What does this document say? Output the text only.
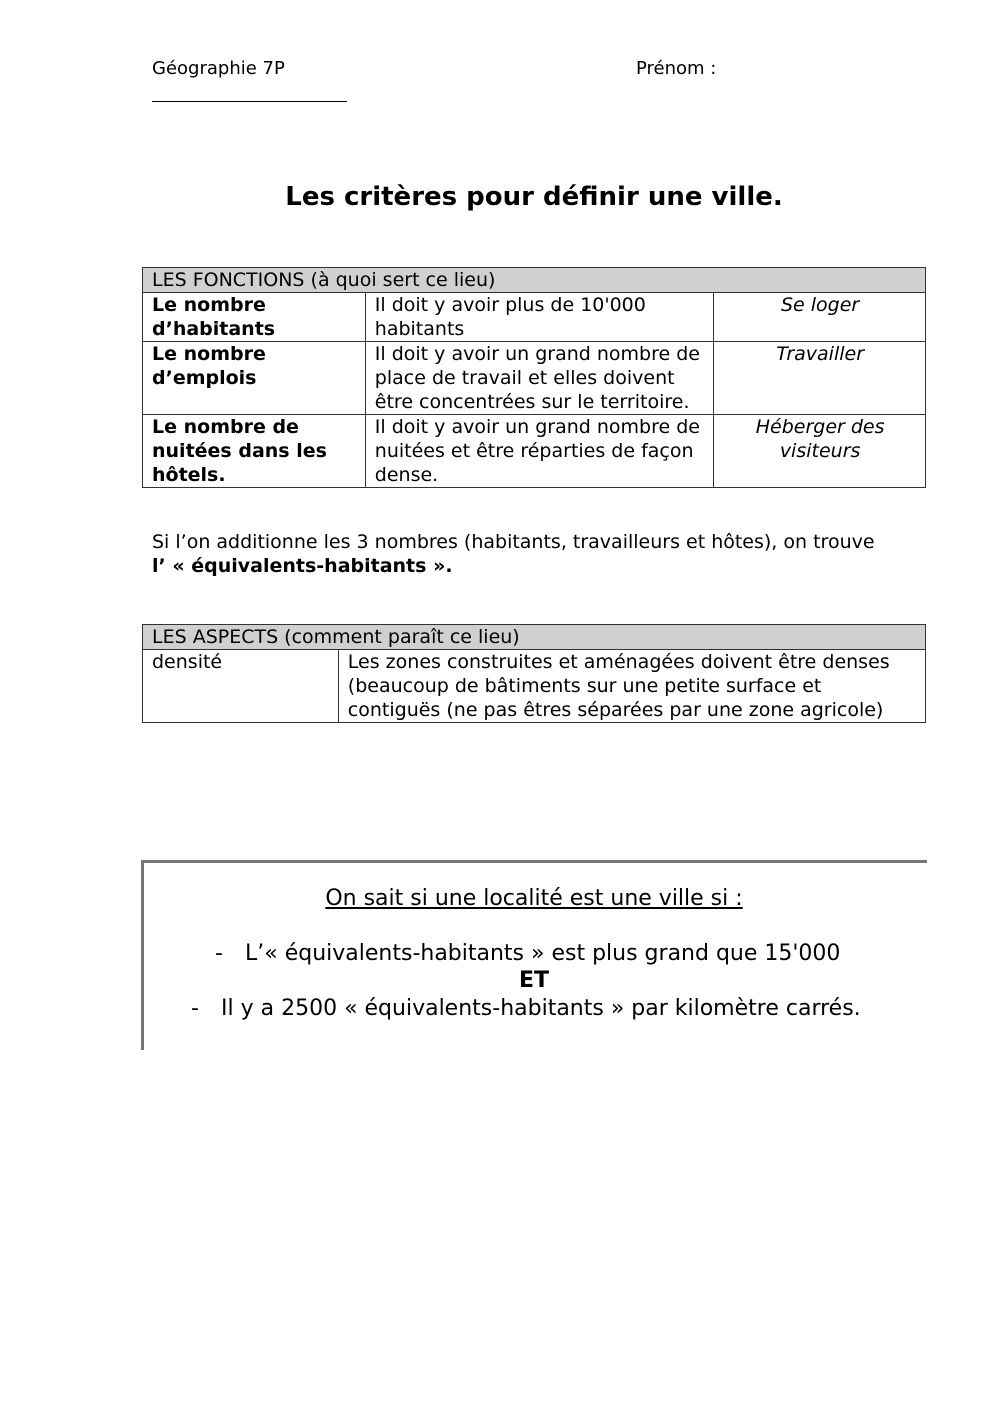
Géographie 7P	Prénom :
Les critères pour définir une ville.
LES FONCTIONS (à quoi sert ce lieu)		
Le nombre d’habitants	Il doit y avoir plus de 10'000 habitants	Se loger
Le nombre d’emplois	Il doit y avoir un grand nombre de place de travail et elles doivent être concentrées sur le territoire.	Travailler
Le nombre de nuitées dans les hôtels.	Il doit y avoir un grand nombre de nuitées et être réparties de façon dense.	Héberger des visiteurs
Si l’on additionne les 3 nombres (habitants, travailleurs et hôtes), on trouve
l’ « équivalents-habitants ».
LES ASPECTS (comment paraît ce lieu)
densité	Les zones construites et aménagées doivent être denses (beaucoup de bâtiments sur une petite surface et contiguës (ne pas êtres séparées par une zone agricole)
On sait si une localité est une ville si :
- L’« équivalents-habitants » est plus grand que 15'000
ET
- Il y a 2500 « équivalents-habitants » par kilomètre carrés.
